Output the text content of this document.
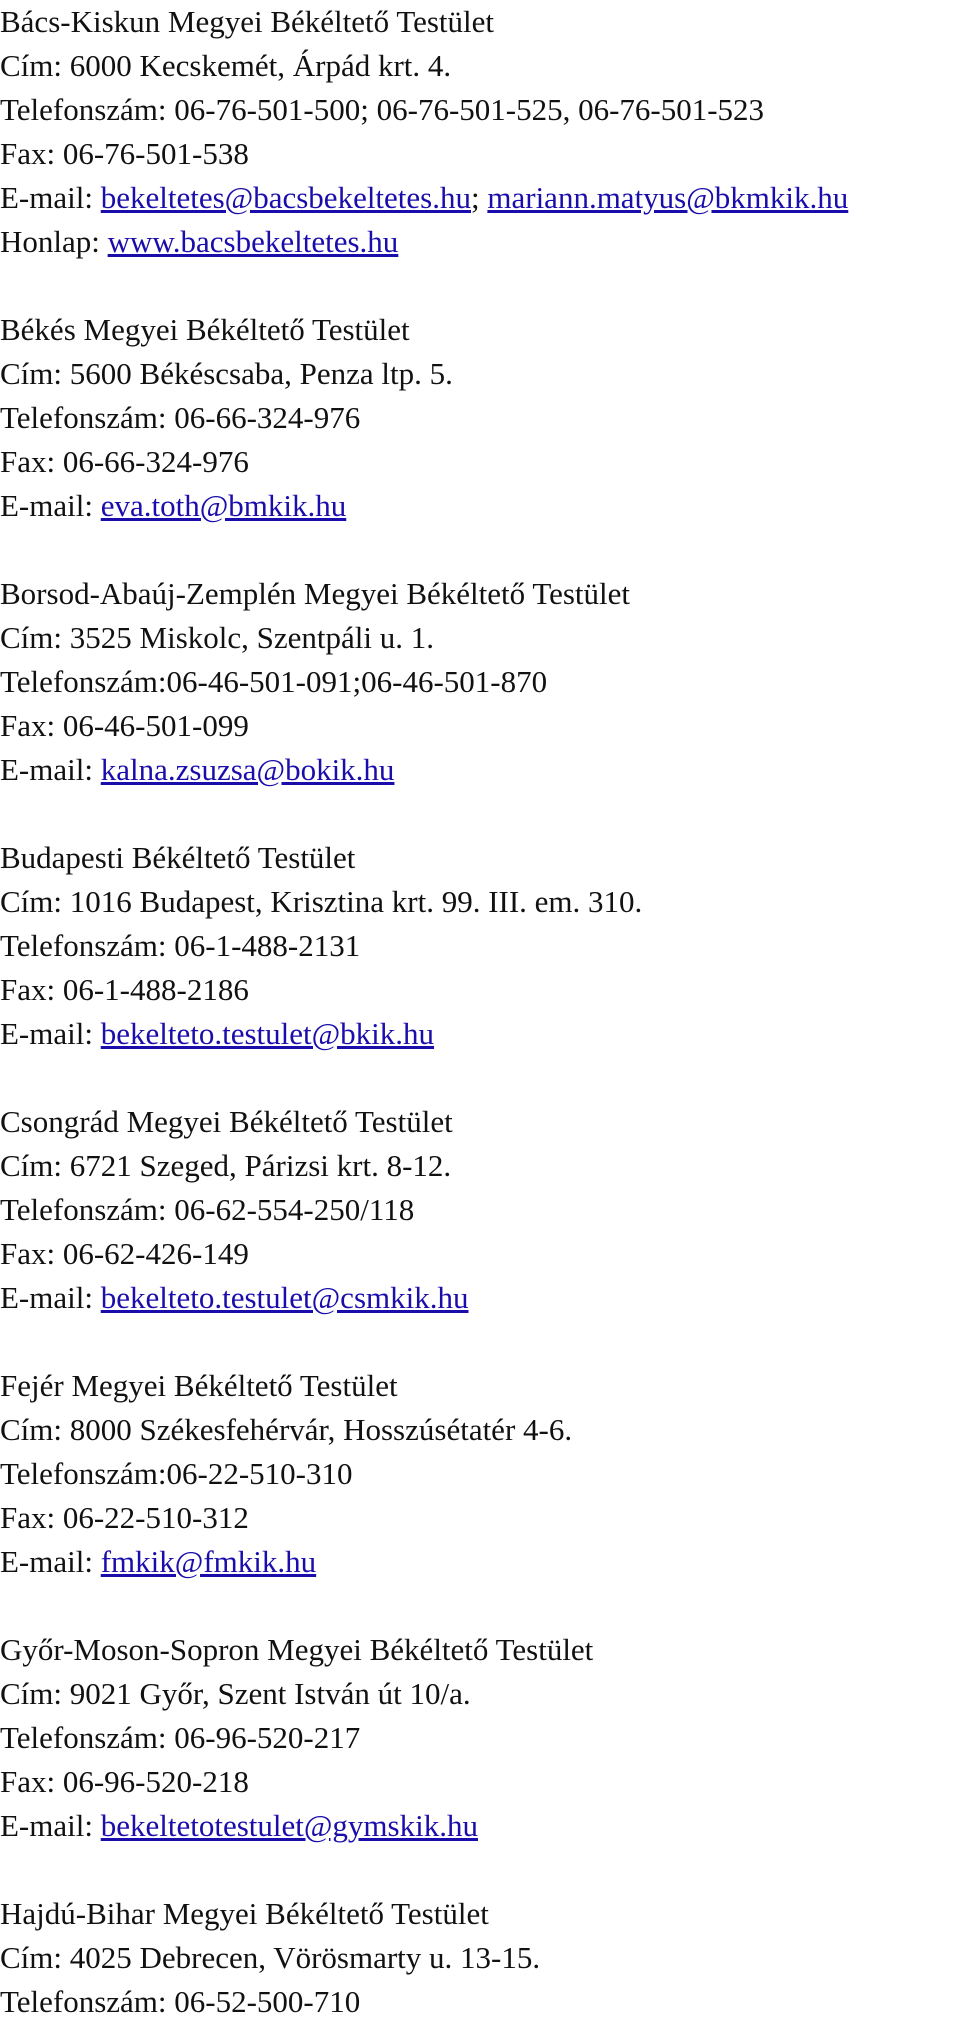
Bács-Kiskun Megyei Békéltető Testület
Cím: 6000 Kecskemét, Árpád krt. 4.
Telefonszám: 06-76-501-500; 06-76-501-525, 06-76-501-523
Fax: 06-76-501-538
E-mail: bekeltetes@bacsbekeltetes.hu; mariann.matyus@bkmkik.hu
Honlap: www.bacsbekeltetes.hu
Békés Megyei Békéltető Testület
Cím: 5600 Békéscsaba, Penza ltp. 5.
Telefonszám: 06-66-324-976
Fax: 06-66-324-976
E-mail: eva.toth@bmkik.hu
Borsod-Abaúj-Zemplén Megyei Békéltető Testület
Cím: 3525 Miskolc, Szentpáli u. 1.
Telefonszám:06-46-501-091;06-46-501-870
Fax: 06-46-501-099
E-mail: kalna.zsuzsa@bokik.hu
Budapesti Békéltető Testület
Cím: 1016 Budapest, Krisztina krt. 99. III. em. 310.
Telefonszám: 06-1-488-2131
Fax: 06-1-488-2186
E-mail: bekelteto.testulet@bkik.hu
Csongrád Megyei Békéltető Testület
Cím: 6721 Szeged, Párizsi krt. 8-12.
Telefonszám: 06-62-554-250/118
Fax: 06-62-426-149
E-mail: bekelteto.testulet@csmkik.hu
Fejér Megyei Békéltető Testület
Cím: 8000 Székesfehérvár, Hosszúsétatér 4-6.
Telefonszám:06-22-510-310
Fax: 06-22-510-312
E-mail: fmkik@fmkik.hu
Győr-Moson-Sopron Megyei Békéltető Testület
Cím: 9021 Győr, Szent István út 10/a.
Telefonszám: 06-96-520-217
Fax: 06-96-520-218
E-mail: bekeltetotestulet@gymskik.hu
Hajdú-Bihar Megyei Békéltető Testület
Cím: 4025 Debrecen, Vörösmarty u. 13-15.
Telefonszám: 06-52-500-710
